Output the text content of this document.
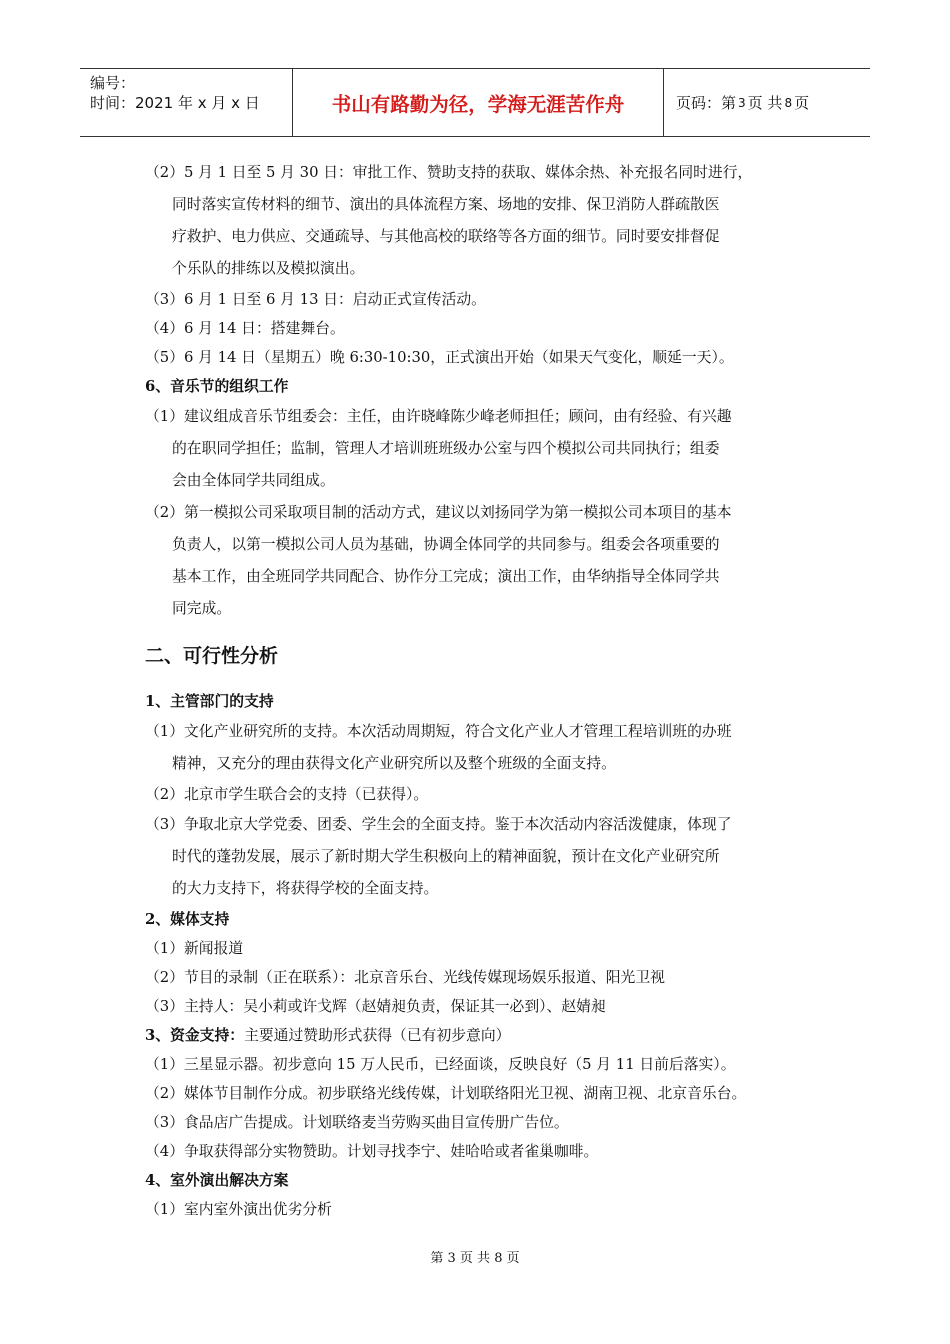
编号：
时间：2021 年 x 月 x 日	书山有路勤为径，学海无涯苦作舟	页码：第 3 页 共 8 页
（2）5 月 1 日至 5 月 30 日：审批工作、赞助支持的获取、媒体余热、补充报名同时进行，
同时落实宣传材料的细节、演出的具体流程方案、场地的安排、保卫消防人群疏散医
疗救护、电力供应、交通疏导、与其他高校的联络等各方面的细节。同时要安排督促
个乐队的排练以及模拟演出。
（3）6 月 1 日至 6 月 13 日：启动正式宣传活动。
（4）6 月 14 日：搭建舞台。
（5）6 月 14 日（星期五）晚 6:30-10:30，正式演出开始（如果天气变化，顺延一天）。
6、音乐节的组织工作
（1）建议组成音乐节组委会：主任，由许晓峰陈少峰老师担任；顾问，由有经验、有兴趣
的在职同学担任；监制，管理人才培训班班级办公室与四个模拟公司共同执行；组委
会由全体同学共同组成。
（2）第一模拟公司采取项目制的活动方式，建议以刘扬同学为第一模拟公司本项目的基本
负责人，以第一模拟公司人员为基础，协调全体同学的共同参与。组委会各项重要的
基本工作，由全班同学共同配合、协作分工完成；演出工作，由华纳指导全体同学共
同完成。
二、可行性分析
1、主管部门的支持
（1）文化产业研究所的支持。本次活动周期短，符合文化产业人才管理工程培训班的办班
精神，又充分的理由获得文化产业研究所以及整个班级的全面支持。
（2）北京市学生联合会的支持（已获得）。
（3）争取北京大学党委、团委、学生会的全面支持。鉴于本次活动内容活泼健康，体现了
时代的蓬勃发展，展示了新时期大学生积极向上的精神面貌，预计在文化产业研究所
的大力支持下，将获得学校的全面支持。
2、媒体支持
（1）新闻报道
（2）节目的录制（正在联系）：北京音乐台、光线传媒现场娱乐报道、阳光卫视
（3）主持人：吴小莉或许戈辉（赵婧昶负责，保证其一必到）、赵婧昶
3、资金支持：主要通过赞助形式获得（已有初步意向）
（1）三星显示器。初步意向 15 万人民币，已经面谈，反映良好（5 月 11 日前后落实）。
（2）媒体节目制作分成。初步联络光线传媒，计划联络阳光卫视、湖南卫视、北京音乐台。
（3）食品店广告提成。计划联络麦当劳购买曲目宣传册广告位。
（4）争取获得部分实物赞助。计划寻找李宁、娃哈哈或者雀巢咖啡。
4、室外演出解决方案
（1）室内室外演出优劣分析
第 3 页 共 8 页
